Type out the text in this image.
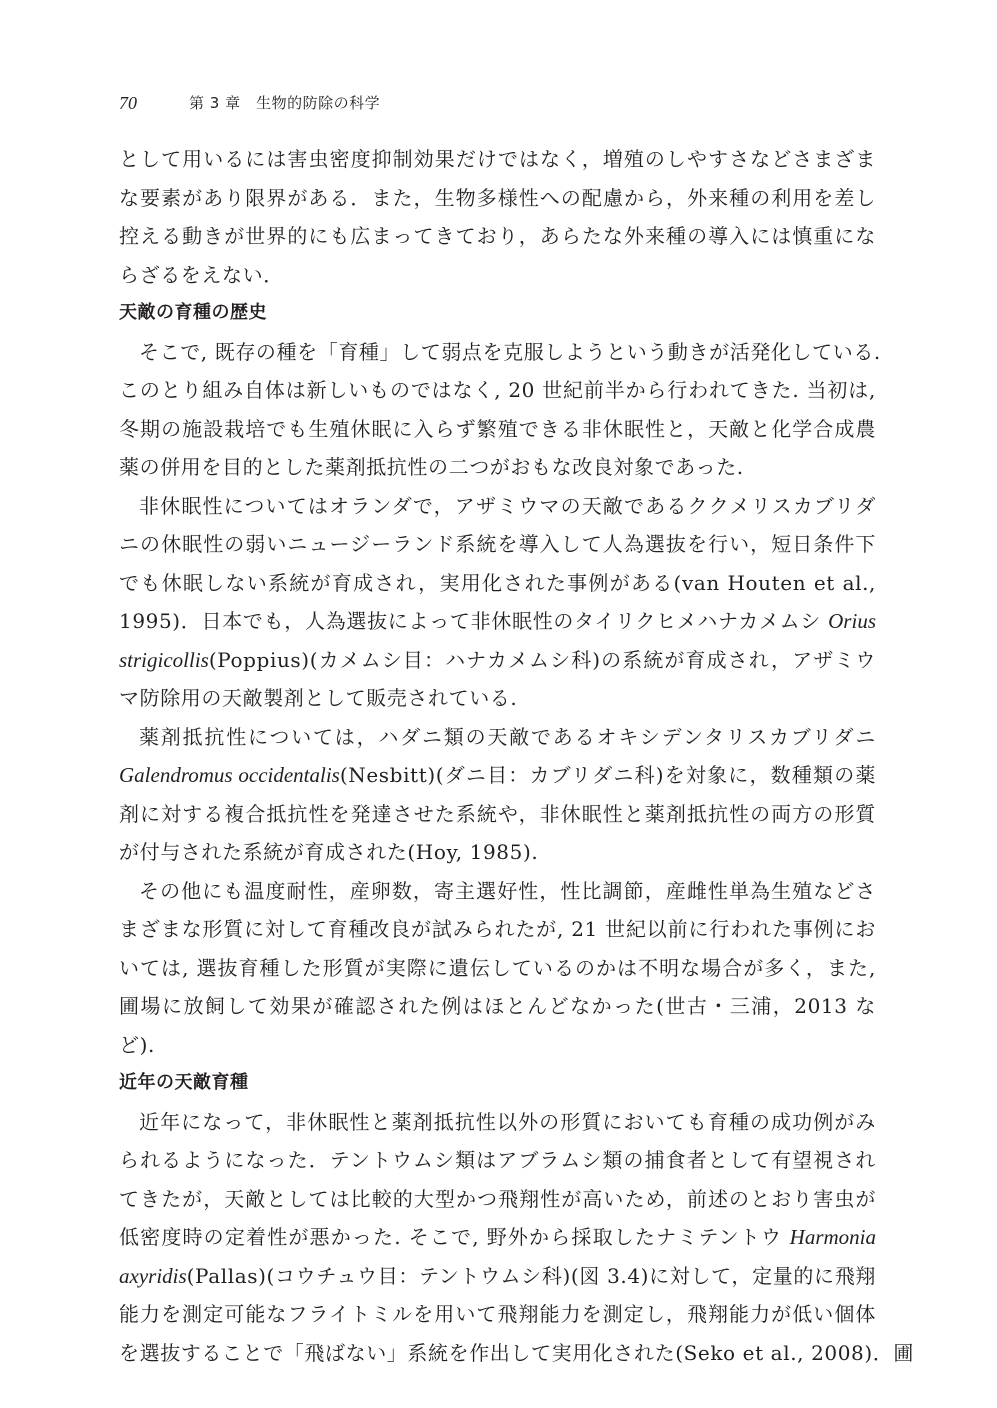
70	第 3 章　生物的防除の科学
として用いるには害虫密度抑制効果だけではなく，増殖のしやすさなどさまざま
な要素があり限界がある．また，生物多様性への配慮から，外来種の利用を差し
控える動きが世界的にも広まってきており，あらたな外来種の導入には慎重にな
らざるをえない．
天敵の育種の歴史
そこで, 既存の種を「育種」して弱点を克服しようという動きが活発化している.
このとり組み自体は新しいものではなく, 20 世紀前半から行われてきた. 当初は,
冬期の施設栽培でも生殖休眠に入らず繁殖できる非休眠性と，天敵と化学合成農
薬の併用を目的とした薬剤抵抗性の二つがおもな改良対象であった.
非休眠性についてはオランダで，アザミウマの天敵であるククメリスカブリダ
ニの休眠性の弱いニュージーランド系統を導入して人為選抜を行い，短日条件下
でも休眠しない系統が育成され，実用化された事例がある(van Houten et al.,
1995)．日本でも，人為選抜によって非休眠性のタイリクヒメハナカメムシ Orius
strigicollis(Poppius)(カメムシ目：ハナカメムシ科)の系統が育成され，アザミウ
マ防除用の天敵製剤として販売されている.
薬剤抵抗性については，ハダニ類の天敵であるオキシデンタリスカブリダニ
Galendromus occidentalis(Nesbitt)(ダニ目：カブリダニ科)を対象に，数種類の薬
剤に対する複合抵抗性を発達させた系統や，非休眠性と薬剤抵抗性の両方の形質
が付与された系統が育成された(Hoy, 1985).
その他にも温度耐性，産卵数，寄主選好性，性比調節，産雌性単為生殖などさ
まざまな形質に対して育種改良が試みられたが, 21 世紀以前に行われた事例にお
いては, 選抜育種した形質が実際に遺伝しているのかは不明な場合が多く，また,
圃場に放飼して効果が確認された例はほとんどなかった(世古・三浦，2013 な
ど).
近年の天敵育種
近年になって，非休眠性と薬剤抵抗性以外の形質においても育種の成功例がみ
られるようになった．テントウムシ類はアブラムシ類の捕食者として有望視され
てきたが，天敵としては比較的大型かつ飛翔性が高いため，前述のとおり害虫が
低密度時の定着性が悪かった. そこで, 野外から採取したナミテントウ Harmonia
axyridis(Pallas)(コウチュウ目：テントウムシ科)(図 3.4)に対して，定量的に飛翔
能力を測定可能なフライトミルを用いて飛翔能力を測定し，飛翔能力が低い個体
を選抜することで「飛ばない」系統を作出して実用化された(Seko et al., 2008)．圃
